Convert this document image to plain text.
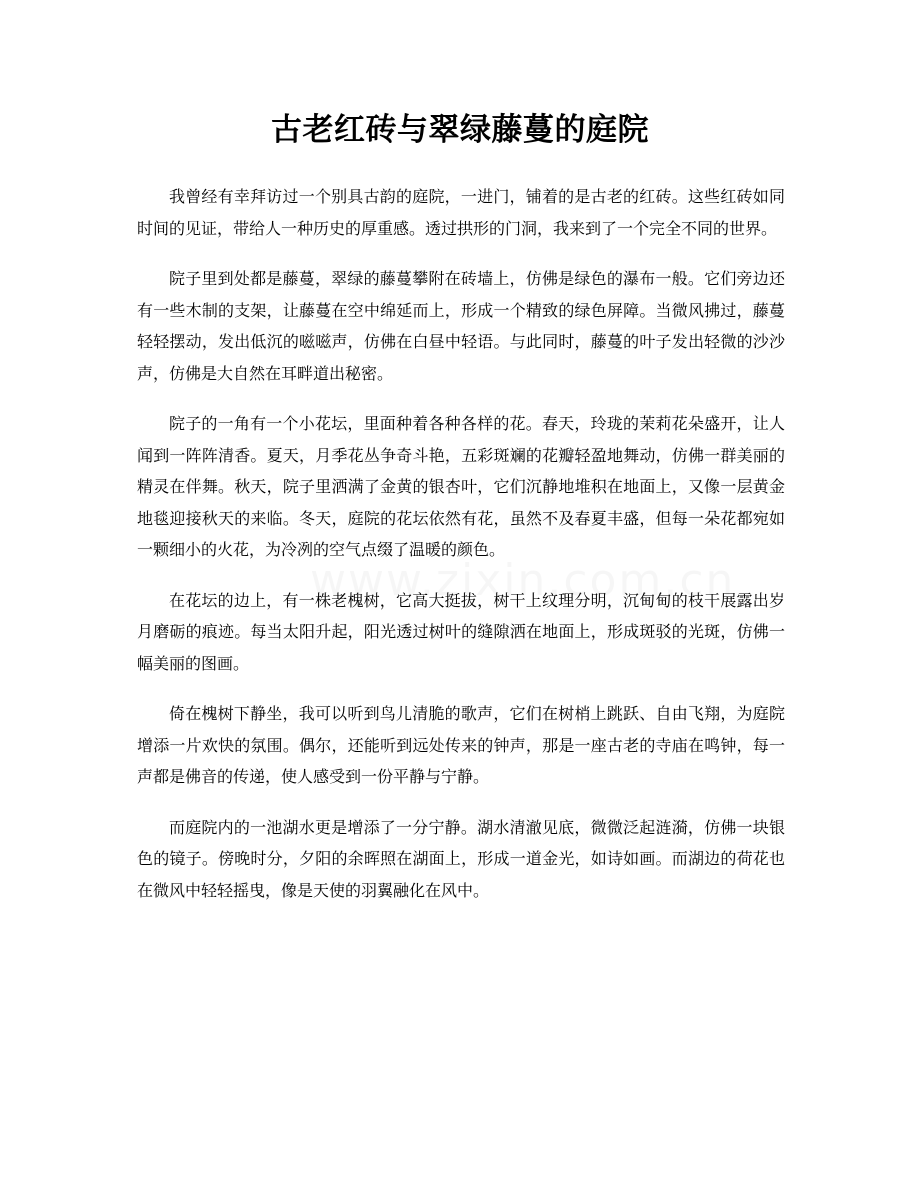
古老红砖与翠绿藤蔓的庭院

我曾经有幸拜访过一个别具古韵的庭院，一进门，铺着的是古老的红砖。这些红砖如同时间的见证，带给人一种历史的厚重感。透过拱形的门洞，我来到了一个完全不同的世界。

院子里到处都是藤蔓，翠绿的藤蔓攀附在砖墙上，仿佛是绿色的瀑布一般。它们旁边还有一些木制的支架，让藤蔓在空中绵延而上，形成一个精致的绿色屏障。当微风拂过，藤蔓轻轻摆动，发出低沉的嗞嗞声，仿佛在白昼中轻语。与此同时，藤蔓的叶子发出轻微的沙沙声，仿佛是大自然在耳畔道出秘密。

院子的一角有一个小花坛，里面种着各种各样的花。春天，玲珑的茉莉花朵盛开，让人闻到一阵阵清香。夏天，月季花丛争奇斗艳，五彩斑斓的花瓣轻盈地舞动，仿佛一群美丽的精灵在伴舞。秋天，院子里洒满了金黄的银杏叶，它们沉静地堆积在地面上，又像一层黄金地毯迎接秋天的来临。冬天，庭院的花坛依然有花，虽然不及春夏丰盛，但每一朵花都宛如一颗细小的火花，为冷冽的空气点缀了温暖的颜色。

在花坛的边上，有一株老槐树，它高大挺拔，树干上纹理分明，沉甸甸的枝干展露出岁月磨砺的痕迹。每当太阳升起，阳光透过树叶的缝隙洒在地面上，形成斑驳的光斑，仿佛一幅美丽的图画。

倚在槐树下静坐，我可以听到鸟儿清脆的歌声，它们在树梢上跳跃、自由飞翔，为庭院增添一片欢快的氛围。偶尔，还能听到远处传来的钟声，那是一座古老的寺庙在鸣钟，每一声都是佛音的传递，使人感受到一份平静与宁静。

而庭院内的一池湖水更是增添了一分宁静。湖水清澈见底，微微泛起涟漪，仿佛一块银色的镜子。傍晚时分，夕阳的余晖照在湖面上，形成一道金光，如诗如画。而湖边的荷花也在微风中轻轻摇曳，像是天使的羽翼融化在风中。
